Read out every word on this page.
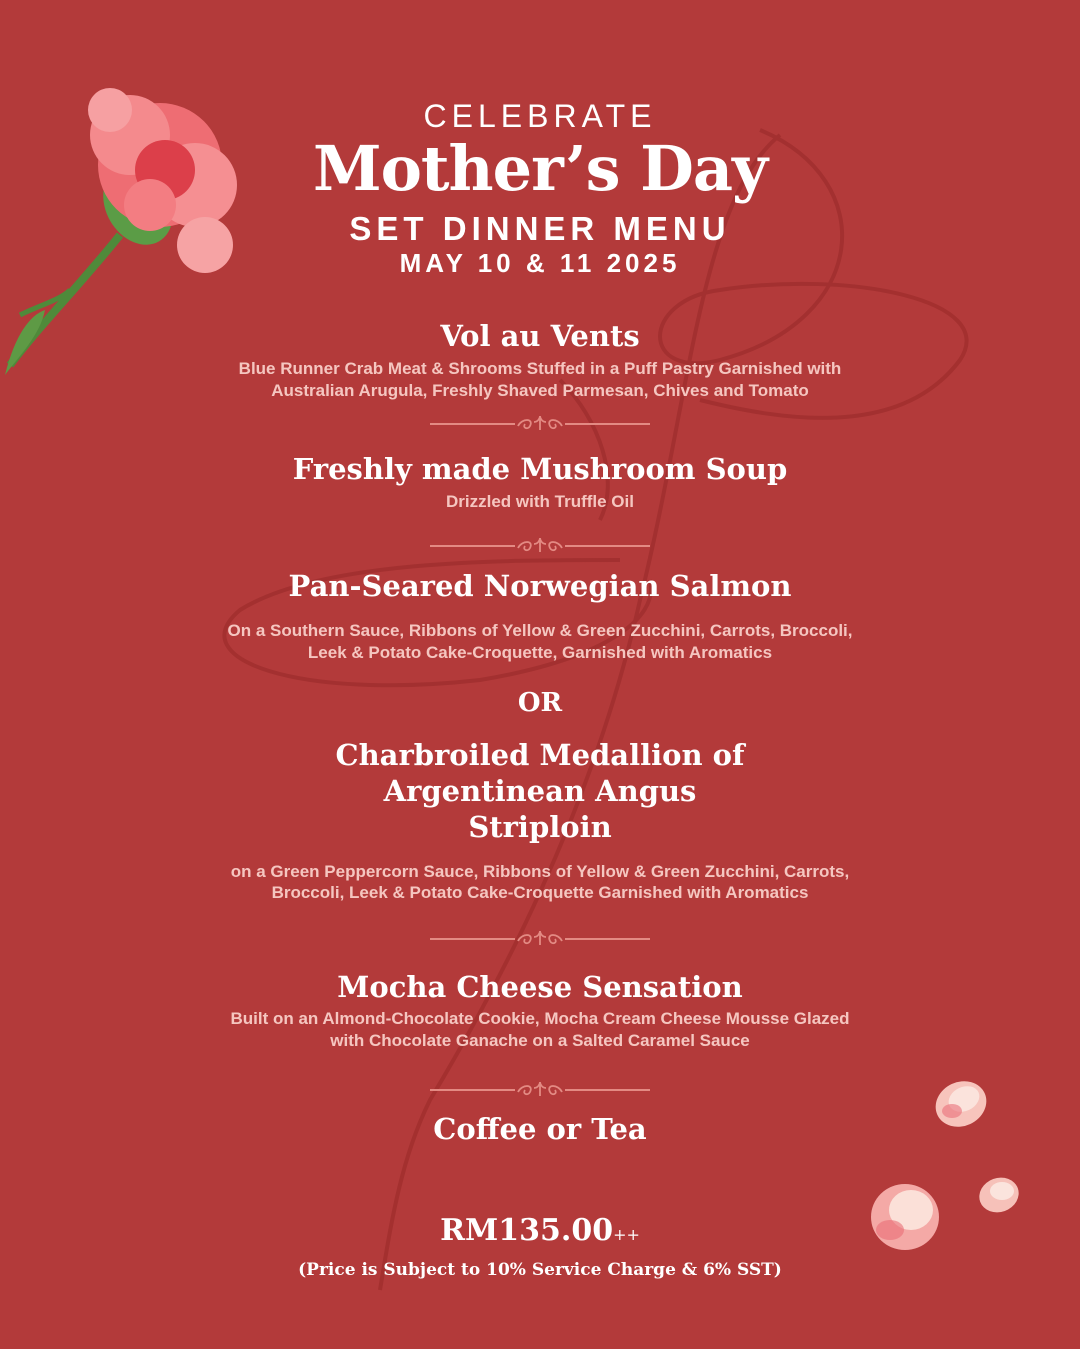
CELEBRATE
Mother’s Day
SET DINNER MENU
MAY 10 & 11 2025
Vol au Vents
Blue Runner Crab Meat & Shrooms Stuffed in a Puff Pastry Garnished with
Australian Arugula, Freshly Shaved Parmesan, Chives and Tomato
Freshly made Mushroom Soup
Drizzled with Truffle Oil
Pan-Seared Norwegian Salmon
On a Southern Sauce, Ribbons of Yellow & Green Zucchini, Carrots, Broccoli,
Leek & Potato Cake-Croquette, Garnished with Aromatics
OR
Charbroiled Medallion of
Argentinean Angus
Striploin
on a Green Peppercorn Sauce, Ribbons of Yellow & Green Zucchini, Carrots,
Broccoli, Leek & Potato Cake-Croquette Garnished with Aromatics
Mocha Cheese Sensation
Built on an Almond-Chocolate Cookie, Mocha Cream Cheese Mousse Glazed
with Chocolate Ganache on a Salted Caramel Sauce
Coffee or Tea
RM135.00++
(Price is Subject to 10% Service Charge & 6% SST)
